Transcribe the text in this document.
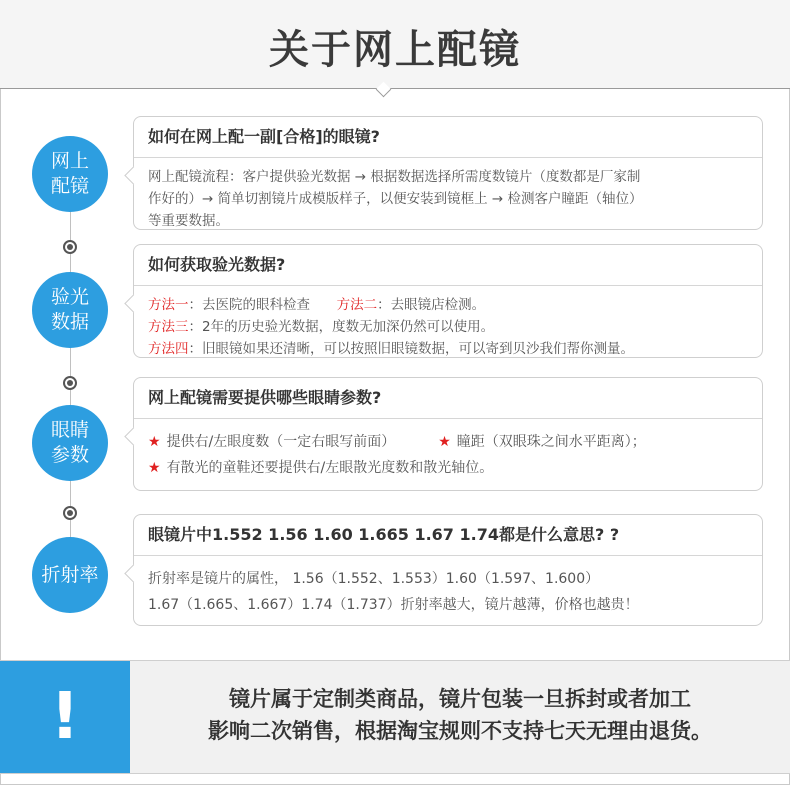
关于网上配镜
网上
配镜
如何在网上配一副[合格]的眼镜?
网上配镜流程：客户提供验光数据 → 根据数据选择所需度数镜片（度数都是厂家制
作好的）→ 简单切割镜片成模版样子，以便安装到镜框上 → 检测客户瞳距（轴位）
等重要数据。
验光
数据
如何获取验光数据?
方法一：去医院的眼科检查 方法二：去眼镜店检测。
方法三：2年的历史验光数据，度数无加深仍然可以使用。
方法四：旧眼镜如果还清晰，可以按照旧眼镜数据，可以寄到贝沙我们帮你测量。
眼睛
参数
网上配镜需要提供哪些眼睛参数?
★ 提供右/左眼度数（一定右眼写前面）	★ 瞳距（双眼珠之间水平距离）；
★ 有散光的童鞋还要提供右/左眼散光度数和散光轴位。
折射率
眼镜片中1.552 1.56 1.60 1.665 1.67 1.74都是什么意思? ?
折射率是镜片的属性， 1.56（1.552、1.553）1.60（1.597、1.600）
1.67（1.665、1.667）1.74（1.737）折射率越大，镜片越薄，价格也越贵！
!	镜片属于定制类商品，镜片包装一旦拆封或者加工
影响二次销售，根据淘宝规则不支持七天无理由退货。
